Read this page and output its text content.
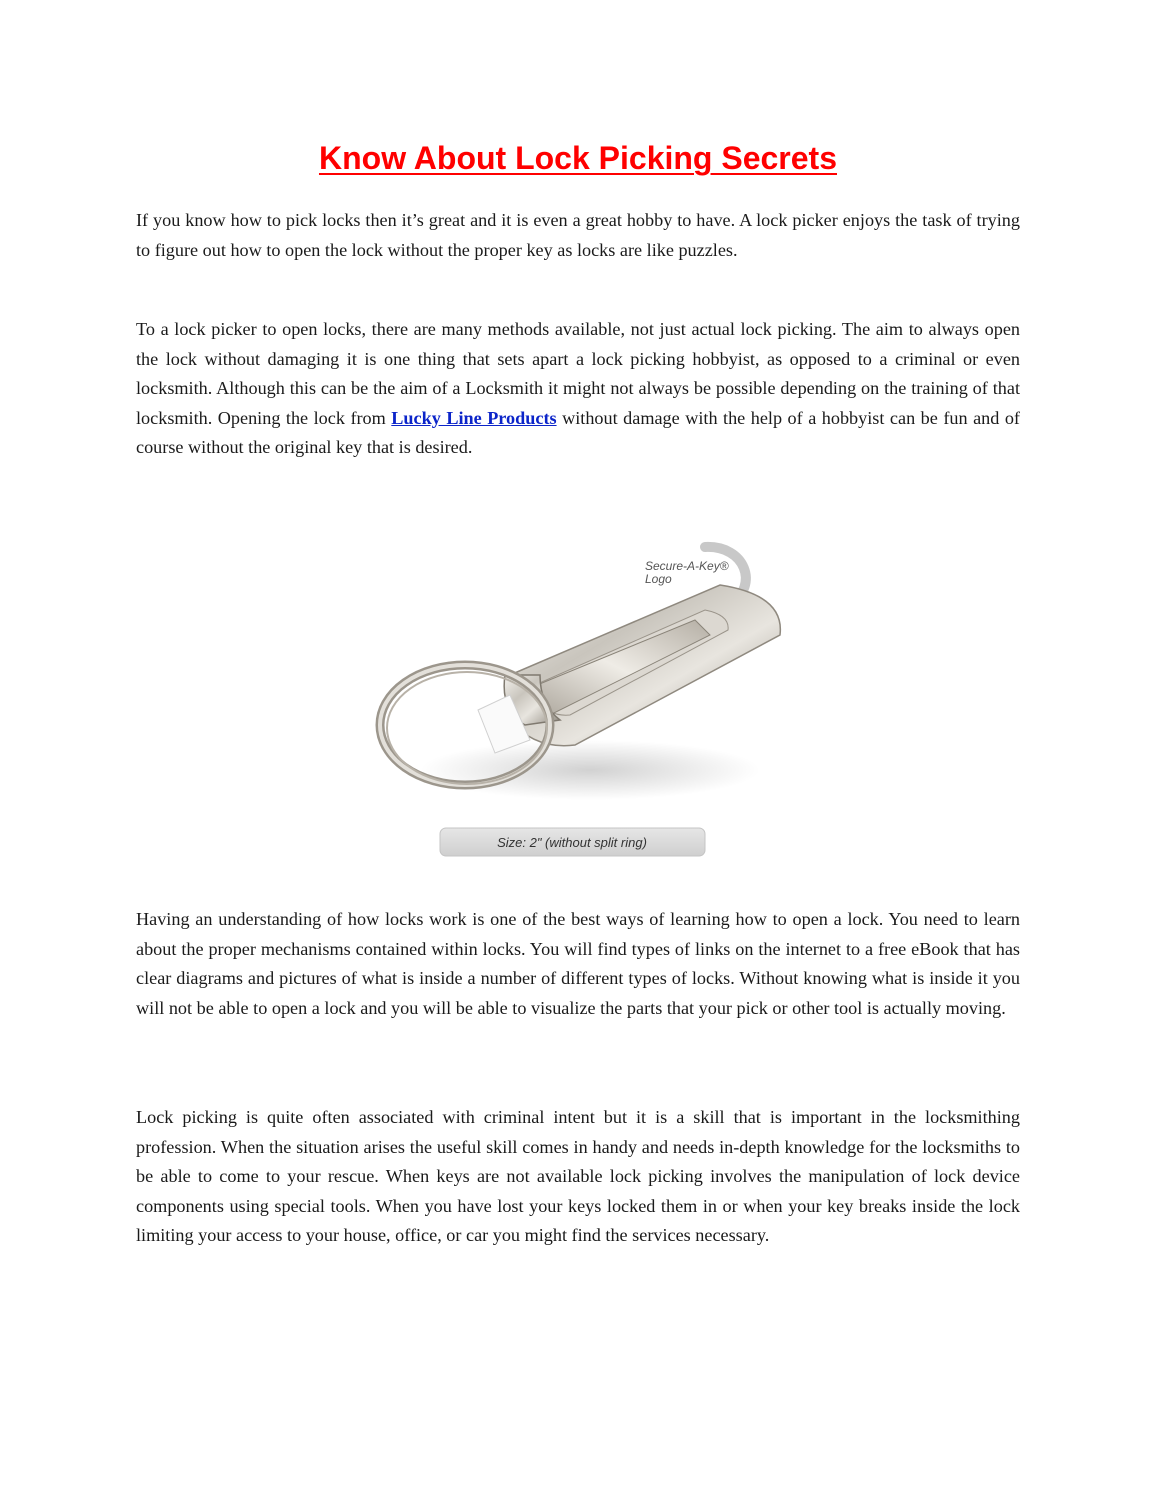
Know About Lock Picking Secrets

If you know how to pick locks then it’s great and it is even a great hobby to have. A lock picker enjoys the task of trying to figure out how to open the lock without the proper key as locks are like puzzles.

To a lock picker to open locks, there are many methods available, not just actual lock picking. The aim to always open the lock without damaging it is one thing that sets apart a lock picking hobbyist, as opposed to a criminal or even locksmith. Although this can be the aim of a Locksmith it might not always be possible depending on the training of that locksmith. Opening the lock from Lucky Line Products without damage with the help of a hobbyist can be fun and of course without the original key that is desired.

Secure-A-Key®
Logo
Size: 2" (without split ring)

Having an understanding of how locks work is one of the best ways of learning how to open a lock. You need to learn about the proper mechanisms contained within locks. You will find types of links on the internet to a free eBook that has clear diagrams and pictures of what is inside a number of different types of locks. Without knowing what is inside it you will not be able to open a lock and you will be able to visualize the parts that your pick or other tool is actually moving.

Lock picking is quite often associated with criminal intent but it is a skill that is important in the locksmithing profession. When the situation arises the useful skill comes in handy and needs in-depth knowledge for the locksmiths to be able to come to your rescue. When keys are not available lock picking involves the manipulation of lock device components using special tools. When you have lost your keys locked them in or when your key breaks inside the lock limiting your access to your house, office, or car you might find the services necessary.
